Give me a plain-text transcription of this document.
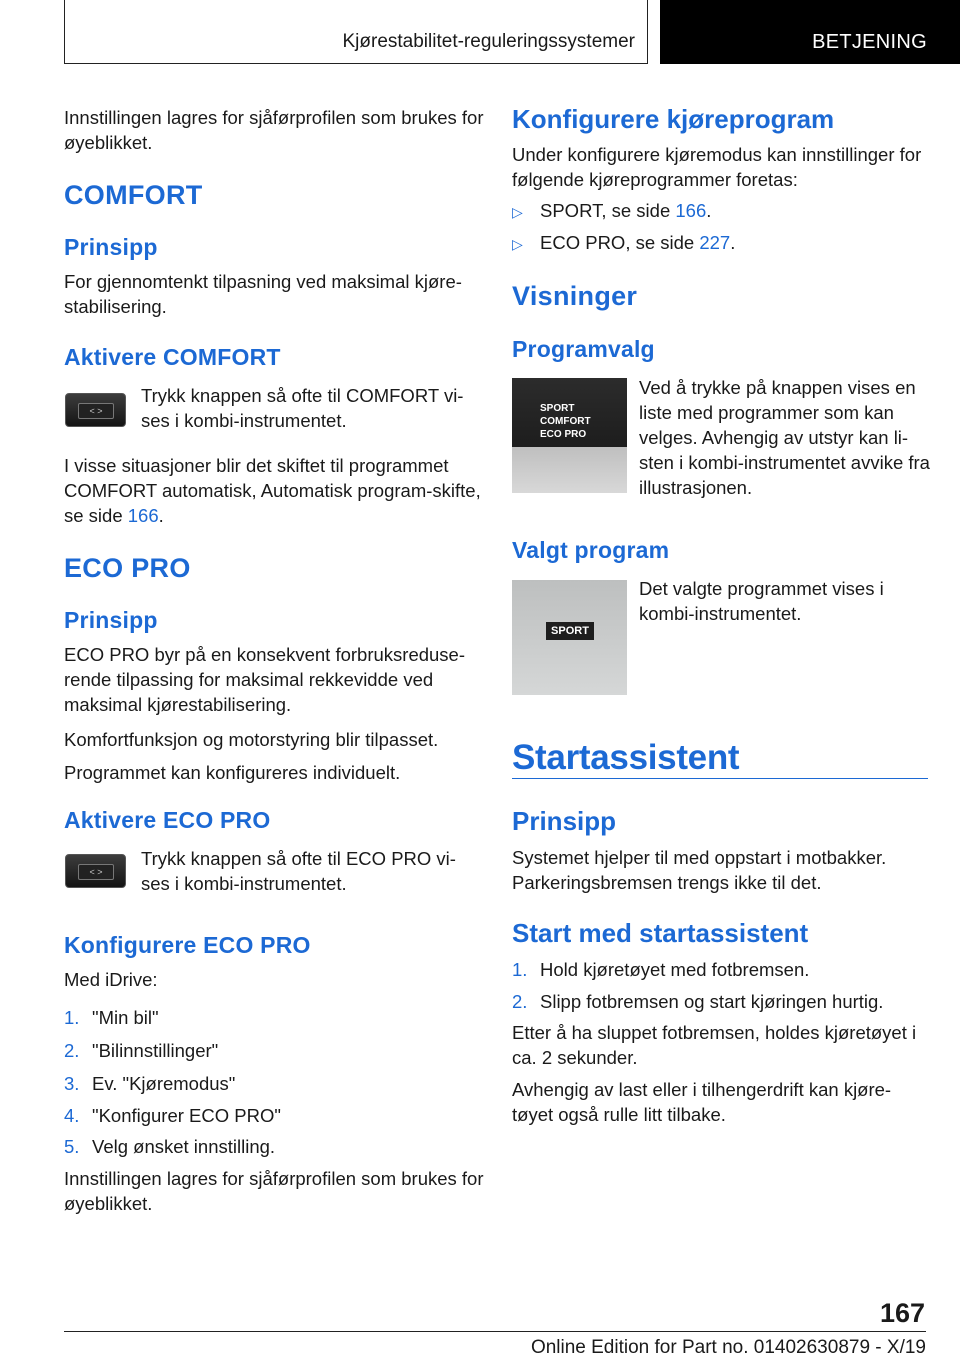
Kjørestabilitet-reguleringssystemer	BETJENING

Innstillingen lagres for sjåførprofilen som brukes for øyeblikket.

COMFORT
Prinsipp

For gjennomtenkt tilpasning ved maksimal kjøre-stabilisering.

Aktivere COMFORT
< >

Trykk knappen så ofte til COMFORT vi-ses i kombi-instrumentet.

I visse situasjoner blir det skiftet til programmet COMFORT automatisk, Automatisk program-skifte, se side 166.

ECO PRO
Prinsipp

ECO PRO byr på en konsekvent forbruksreduse-rende tilpassing for maksimal rekkevidde ved maksimal kjørestabilisering.

Komfortfunksjon og motorstyring blir tilpasset.

Programmet kan konfigureres individuelt.

Aktivere ECO PRO
< >

Trykk knappen så ofte til ECO PRO vi-ses i kombi-instrumentet.

Konfigurere ECO PRO

Med iDrive:

1. "Min bil"

2. "Bilinnstillinger"

3. Ev. "Kjøremodus"

4. "Konfigurer ECO PRO"

5. Velg ønsket innstilling.

Innstillingen lagres for sjåførprofilen som brukes for øyeblikket.

Konfigurere kjøreprogram

Under konfigurere kjøremodus kan innstillinger for følgende kjøreprogrammer foretas:

▷ SPORT, se side 166.

▷ ECO PRO, se side 227.

Visninger
Programvalg
SPORT
COMFORT
ECO PRO

Ved å trykke på knappen vises en liste med programmer som kan velges. Avhengig av utstyr kan li-sten i kombi-instrumentet avvike fra illustrasjonen.

Valgt program
SPORT

Det valgte programmet vises i kombi-instrumentet.

Startassistent
Prinsipp

Systemet hjelper til med oppstart i motbakker. Parkeringsbremsen trengs ikke til det.

Start med startassistent

1. Hold kjøretøyet med fotbremsen.

2. Slipp fotbremsen og start kjøringen hurtig.

Etter å ha sluppet fotbremsen, holdes kjøretøyet i ca. 2 sekunder.

Avhengig av last eller i tilhengerdrift kan kjøre-tøyet også rulle litt tilbake.

167
Online Edition for Part no. 01402630879 - X/19
